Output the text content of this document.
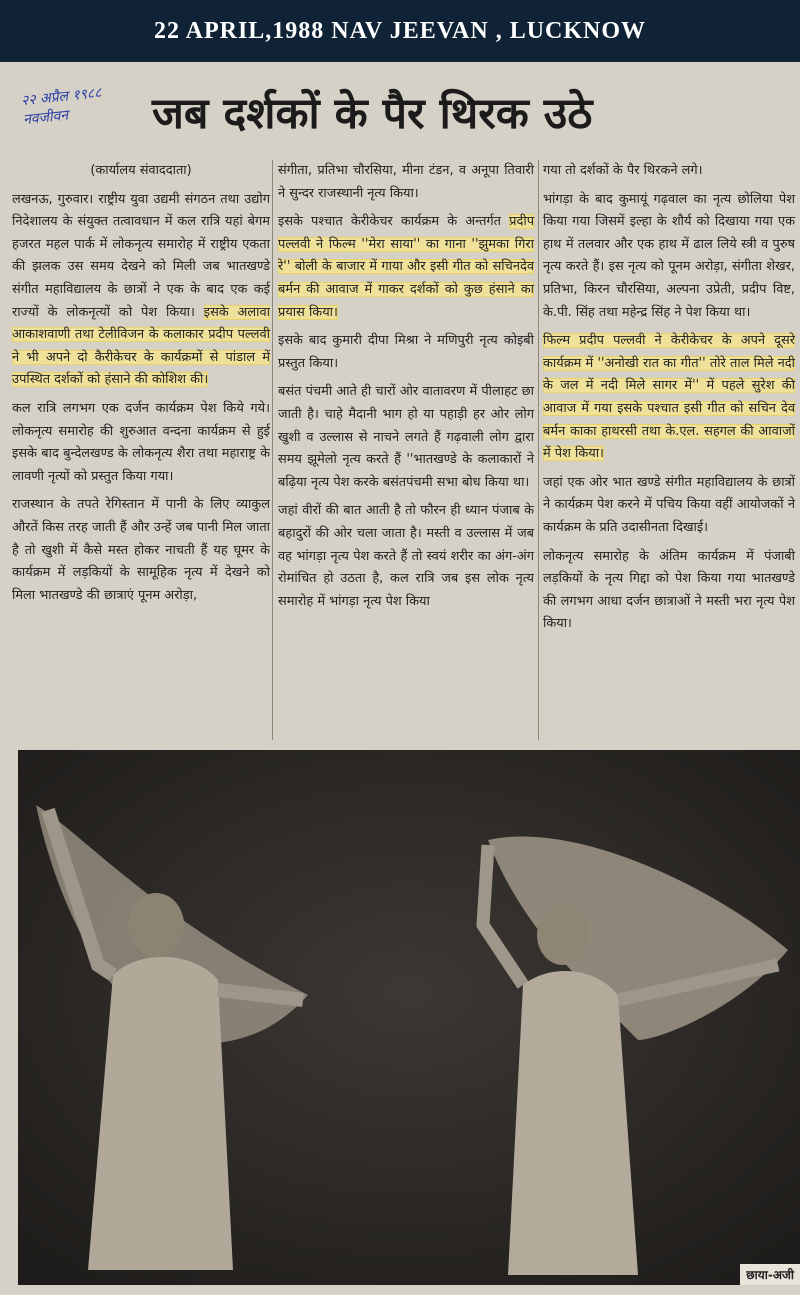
22 APRIL,1988 NAV JEEVAN , LUCKNOW
२२ अप्रैल १९८८
नवजीवन	जब दर्शकों के पैर थिरक उठे

(कार्यालय संवाददाता)

लखनऊ, गुरुवार। राष्ट्रीय युवा उद्यमी संगठन तथा उद्योग निदेशालय के संयुक्त तत्वावधान में कल रात्रि यहां बेगम हजरत महल पार्क में लोकनृत्य समारोह में राष्ट्रीय एकता की झलक उस समय देखने को मिली जब भातखण्डे संगीत महाविद्यालय के छात्रों ने एक के बाद एक कई राज्यों के लोकनृत्यों को पेश किया। इसके अलावा आकाशवाणी तथा टेलीविजन के कलाकार प्रदीप पल्लवी ने भी अपने दो कैरीकेचर के कार्यक्रमों से पांडाल में उपस्थित दर्शकों को हंसाने की कोशिश की।

कल रात्रि लगभग एक दर्जन कार्यक्रम पेश किये गये। लोकनृत्य समारोह की शुरुआत वन्दना कार्यक्रम से हुई इसके बाद बुन्देलखण्ड के लोकनृत्य शैरा तथा महाराष्ट्र के लावणी नृत्यों को प्रस्तुत किया गया।

राजस्थान के तपते रेगिस्तान में पानी के लिए व्याकुल औरतें किस तरह जाती हैं और उन्हें जब पानी मिल जाता है तो खुशी में कैसे मस्त होकर नाचती हैं यह घूमर के कार्यक्रम में लड़कियों के सामूहिक नृत्य में देखने को मिला भातखण्डे की छात्राएं पूनम अरोड़ा,

संगीता, प्रतिभा चौरसिया, मीना टंडन, व अनूपा तिवारी ने सुन्दर राजस्थानी नृत्य किया।

इसके पश्चात केरीकेचर कार्यक्रम के अन्तर्गत प्रदीप पल्लवी ने फिल्म ''मेरा साया'' का गाना ''झुमका गिरा रे'' बोली के बाजार में गाया और इसी गीत को सचिनदेव बर्मन की आवाज में गाकर दर्शकों को कुछ हंसाने का प्रयास किया।

इसके बाद कुमारी दीपा मिश्रा ने मणिपुरी नृत्य कोइबी प्रस्तुत किया।

बसंत पंचमी आते ही चारों ओर वातावरण में पीलाहट छा जाती है। चाहे मैदानी भाग हो या पहाड़ी हर ओर लोग खुशी व उल्लास से नाचने लगते हैं गढ़वाली लोग द्वारा समय झूमेलो नृत्य करते हैं ''भातखण्डे के कलाकारों ने बढ़िया नृत्य पेश करके बसंतपंचमी सभा बोध किया था।

जहां वीरों की बात आती है तो फौरन ही ध्यान पंजाब के बहादुरों की ओर चला जाता है। मस्ती व उल्लास में जब वह भांगड़ा नृत्य पेश करते हैं तो स्वयं शरीर का अंग-अंग रोमांचित हो उठता है, कल रात्रि जब इस लोक नृत्य समारोह में भांगड़ा नृत्य पेश किया

गया तो दर्शकों के पैर थिरकने लगे।

भांगड़ा के बाद कुमायूं गढ़वाल का नृत्य छोलिया पेश किया गया जिसमें इल्हा के शौर्य को दिखाया गया एक हाथ में तलवार और एक हाथ में ढाल लिये स्त्री व पुरुष नृत्य करते हैं। इस नृत्य को पूनम अरोड़ा, संगीता शेखर, प्रतिभा, किरन चौरसिया, अल्पना उप्रेती, प्रदीप विष्ट, के.पी. सिंह तथा महेन्द्र सिंह ने पेश किया था।

फिल्म प्रदीप पल्लवी ने केरीकेचर के अपने दूसरे कार्यक्रम में ''अनोखी रात का गीत'' तोरे ताल मिले नदी के जल में नदी मिले सागर में'' में पहले सुरेश की आवाज में गया इसके पश्चात इसी गीत को सचिन देव बर्मन काका हाथरसी तथा के.एल. सहगल की आवाजों में पेश किया।

जहां एक ओर भात खण्डे संगीत महाविद्यालय के छात्रों ने कार्यक्रम पेश करने में पचिय किया वहीं आयोजकों ने कार्यक्रम के प्रति उदासीनता दिखाई।

लोकनृत्य समारोह के अंतिम कार्यक्रम में पंजाबी लड़कियों के नृत्य गिद्दा को पेश किया गया भातखण्डे की लगभग आधा दर्जन छात्राओं ने मस्ती भरा नृत्य पेश किया।

छाया-अजी
